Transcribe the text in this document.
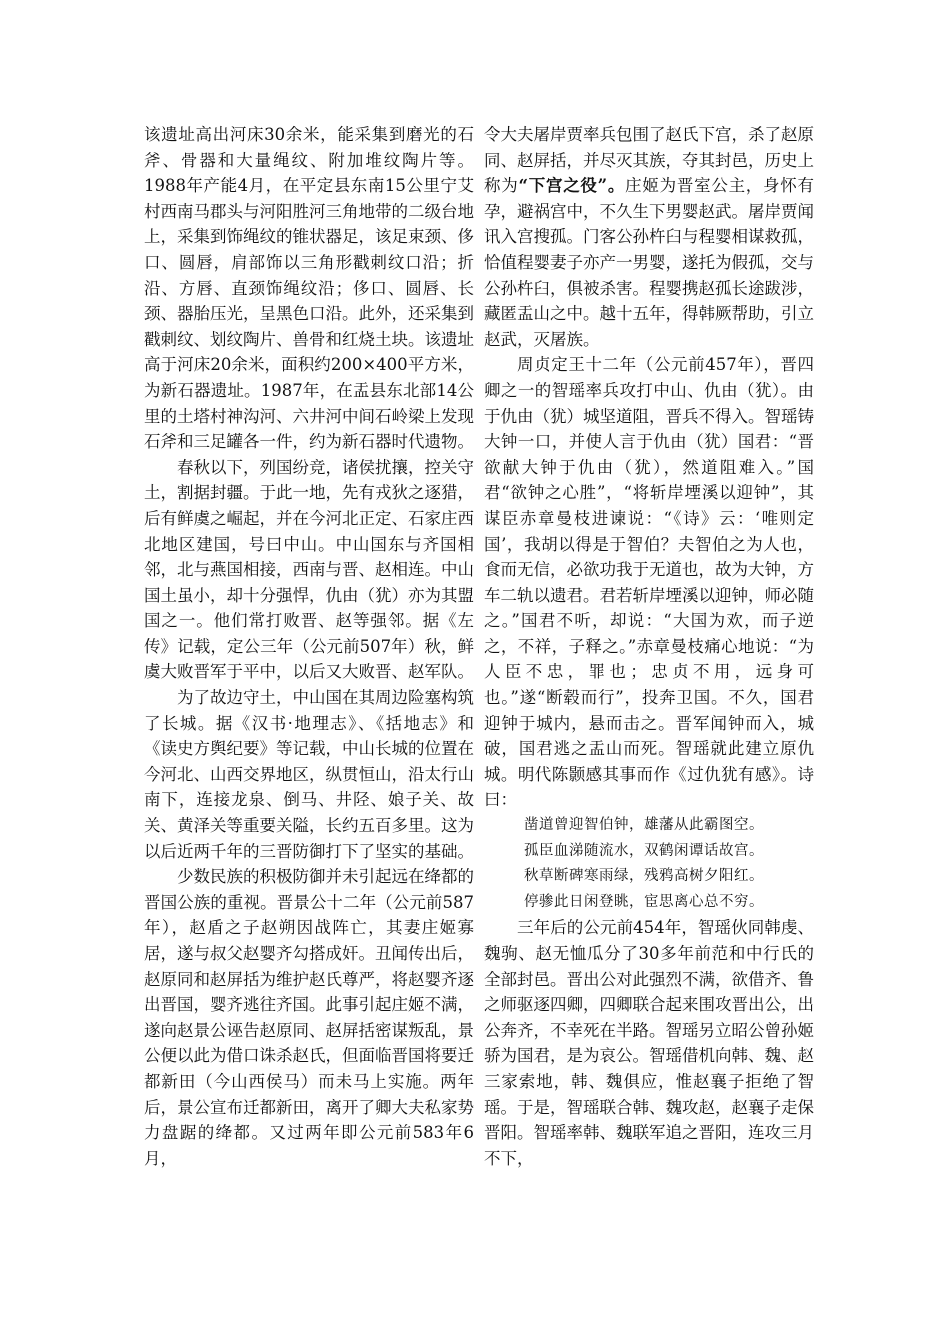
该遗址高出河床30余米，能采集到磨光的石斧、骨器和大量绳纹、附加堆纹陶片等。1988年产能4月，在平定县东南15公里宁艾村西南马郡头与河阳胜河三角地带的二级台地上，采集到饰绳纹的锥状器足，该足束颈、侈口、圆唇，肩部饰以三角形戳刺纹口沿；折沿、方唇、直颈饰绳纹沿；侈口、圆唇、长颈、器胎压光，呈黑色口沿。此外，还采集到戳刺纹、划纹陶片、兽骨和红烧土块。该遗址高于河床20余米，面积约200×400平方米，为新石器遗址。1987年，在盂县东北部14公里的土塔村神沟河、六井河中间石岭梁上发现石斧和三足罐各一件，约为新石器时代遗物。

春秋以下，列国纷竞，诸侯扰攘，控关守土，割据封疆。于此一地，先有戎狄之逐猎，后有鲜虞之崛起，并在今河北正定、石家庄西北地区建国，号曰中山。中山国东与齐国相邻，北与燕国相接，西南与晋、赵相连。中山国土虽小，却十分强悍，仇由（犹）亦为其盟国之一。他们常打败晋、赵等强邻。据《左传》记载，定公三年（公元前507年）秋，鲜虞大败晋军于平中，以后又大败晋、赵军队。

为了故边守土，中山国在其周边险塞构筑了长城。据《汉书·地理志》、《括地志》和《读史方舆纪要》等记载，中山长城的位置在今河北、山西交界地区，纵贯恒山，沿太行山南下，连接龙泉、倒马、井陉、娘子关、故关、黄泽关等重要关隘，长约五百多里。这为以后近两千年的三晋防御打下了坚实的基础。

少数民族的积极防御并未引起远在绛都的晋国公族的重视。晋景公十二年（公元前587年），赵盾之子赵朔因战阵亡，其妻庄姬寡居，遂与叔父赵婴齐勾搭成奸。丑闻传出后，赵原同和赵屏括为维护赵氏尊严，将赵婴齐逐出晋国，婴齐逃往齐国。此事引起庄姬不满，遂向赵景公诬告赵原同、赵屏括密谋叛乱，景公便以此为借口诛杀赵氏，但面临晋国将要迁都新田（今山西侯马）而未马上实施。两年后，景公宣布迁都新田，离开了卿大夫私家势力盘踞的绛都。又过两年即公元前583年6月，

令大夫屠岸贾率兵包围了赵氏下宫，杀了赵原同、赵屏括，并尽灭其族，夺其封邑，历史上称为“下宫之役”。庄姬为晋室公主，身怀有孕，避祸宫中，不久生下男婴赵武。屠岸贾闻讯入宫搜孤。门客公孙杵臼与程婴相谋救孤，恰值程婴妻子亦产一男婴，遂托为假孤，交与公孙杵臼，俱被杀害。程婴携赵孤长途跋涉，藏匿盂山之中。越十五年，得韩厥帮助，引立赵武，灭屠族。

周贞定王十二年（公元前457年），晋四卿之一的智瑶率兵攻打中山、仇由（犹）。由于仇由（犹）城坚道阻，晋兵不得入。智瑶铸大钟一口，并使人言于仇由（犹）国君：“晋欲献大钟于仇由（犹），然道阻难入。”国君“欲钟之心胜”，“将斩岸堙溪以迎钟”，其谋臣赤章曼枝进谏说：“《诗》云：‘唯则定国’，我胡以得是于智伯？夫智伯之为人也，食而无信，必欲功我于无道也，故为大钟，方车二轨以遗君。君若斩岸堙溪以迎钟，师必随之。”国君不听，却说：“大国为欢，而子逆之，不祥，子释之。”赤章曼枝痛心地说：“为人臣不忠，罪也；忠贞不用，远身可也。”遂“断毂而行”，投奔卫国。不久，国君迎钟于城内，悬而击之。晋军闻钟而入，城破，国君逃之盂山而死。智瑶就此建立原仇城。明代陈颢感其事而作《过仇犹有感》。诗曰：

凿道曾迎智伯钟，雄藩从此霸图空。
孤臣血涕随流水，双鹤闲谭话故宫。
秋草断碑寒雨绿，残鸦高树夕阳红。
停骖此日闲登眺，宦思离心总不穷。

三年后的公元前454年，智瑶伙同韩虔、魏驹、赵无恤瓜分了30多年前范和中行氏的全部封邑。晋出公对此强烈不满，欲借齐、鲁之师驱逐四卿，四卿联合起来围攻晋出公，出公奔齐，不幸死在半路。智瑶另立昭公曾孙姬骄为国君，是为哀公。智瑶借机向韩、魏、赵三家索地，韩、魏俱应，惟赵襄子拒绝了智瑶。于是，智瑶联合韩、魏攻赵，赵襄子走保晋阳。智瑶率韩、魏联军追之晋阳，连攻三月不下，
